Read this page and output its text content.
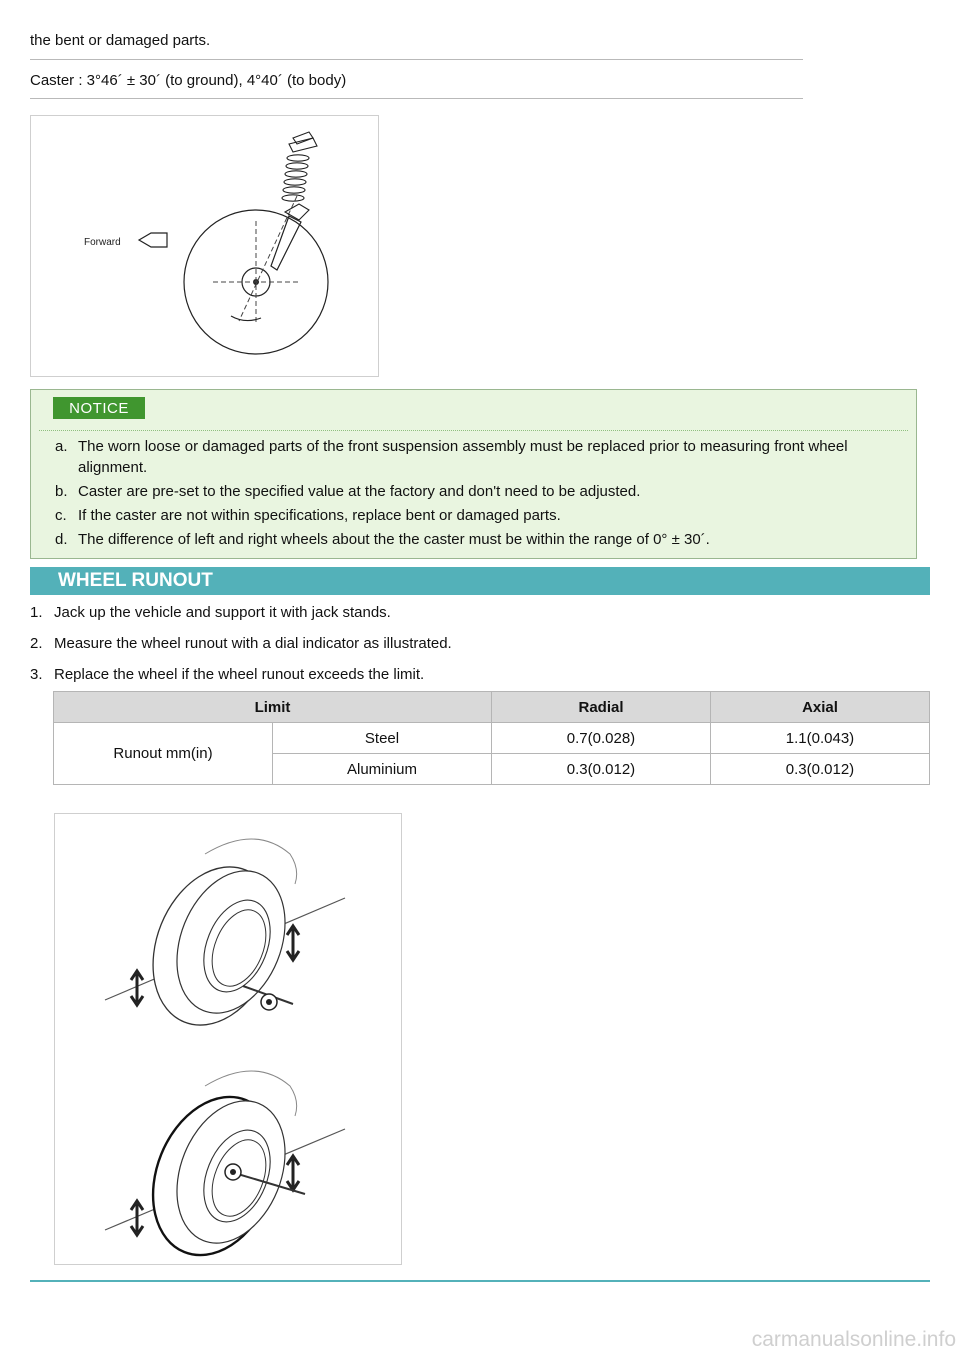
the bent or damaged parts.
Caster : 3°46´ ± 30´ (to ground), 4°40´ (to body)
Forward
NOTICE
a. The worn loose or damaged parts of the front suspension assembly must be replaced prior to measuring front wheel alignment.
b. Caster are pre-set to the specified value at the factory and don't need to be adjusted.
c. If the caster are not within specifications, replace bent or damaged parts.
d. The difference of left and right wheels about the the caster must be within the range of 0° ± 30´.
WHEEL RUNOUT
1. Jack up the vehicle and support it with jack stands.
2. Measure the wheel runout with a dial indicator as illustrated.
3. Replace the wheel if the wheel runout exceeds the limit.
Limit		Radial	Axial
Runout mm(in)	Steel	0.7(0.028)	1.1(0.043)
	Aluminium	0.3(0.012)	0.3(0.012)
carmanualsonline.info
